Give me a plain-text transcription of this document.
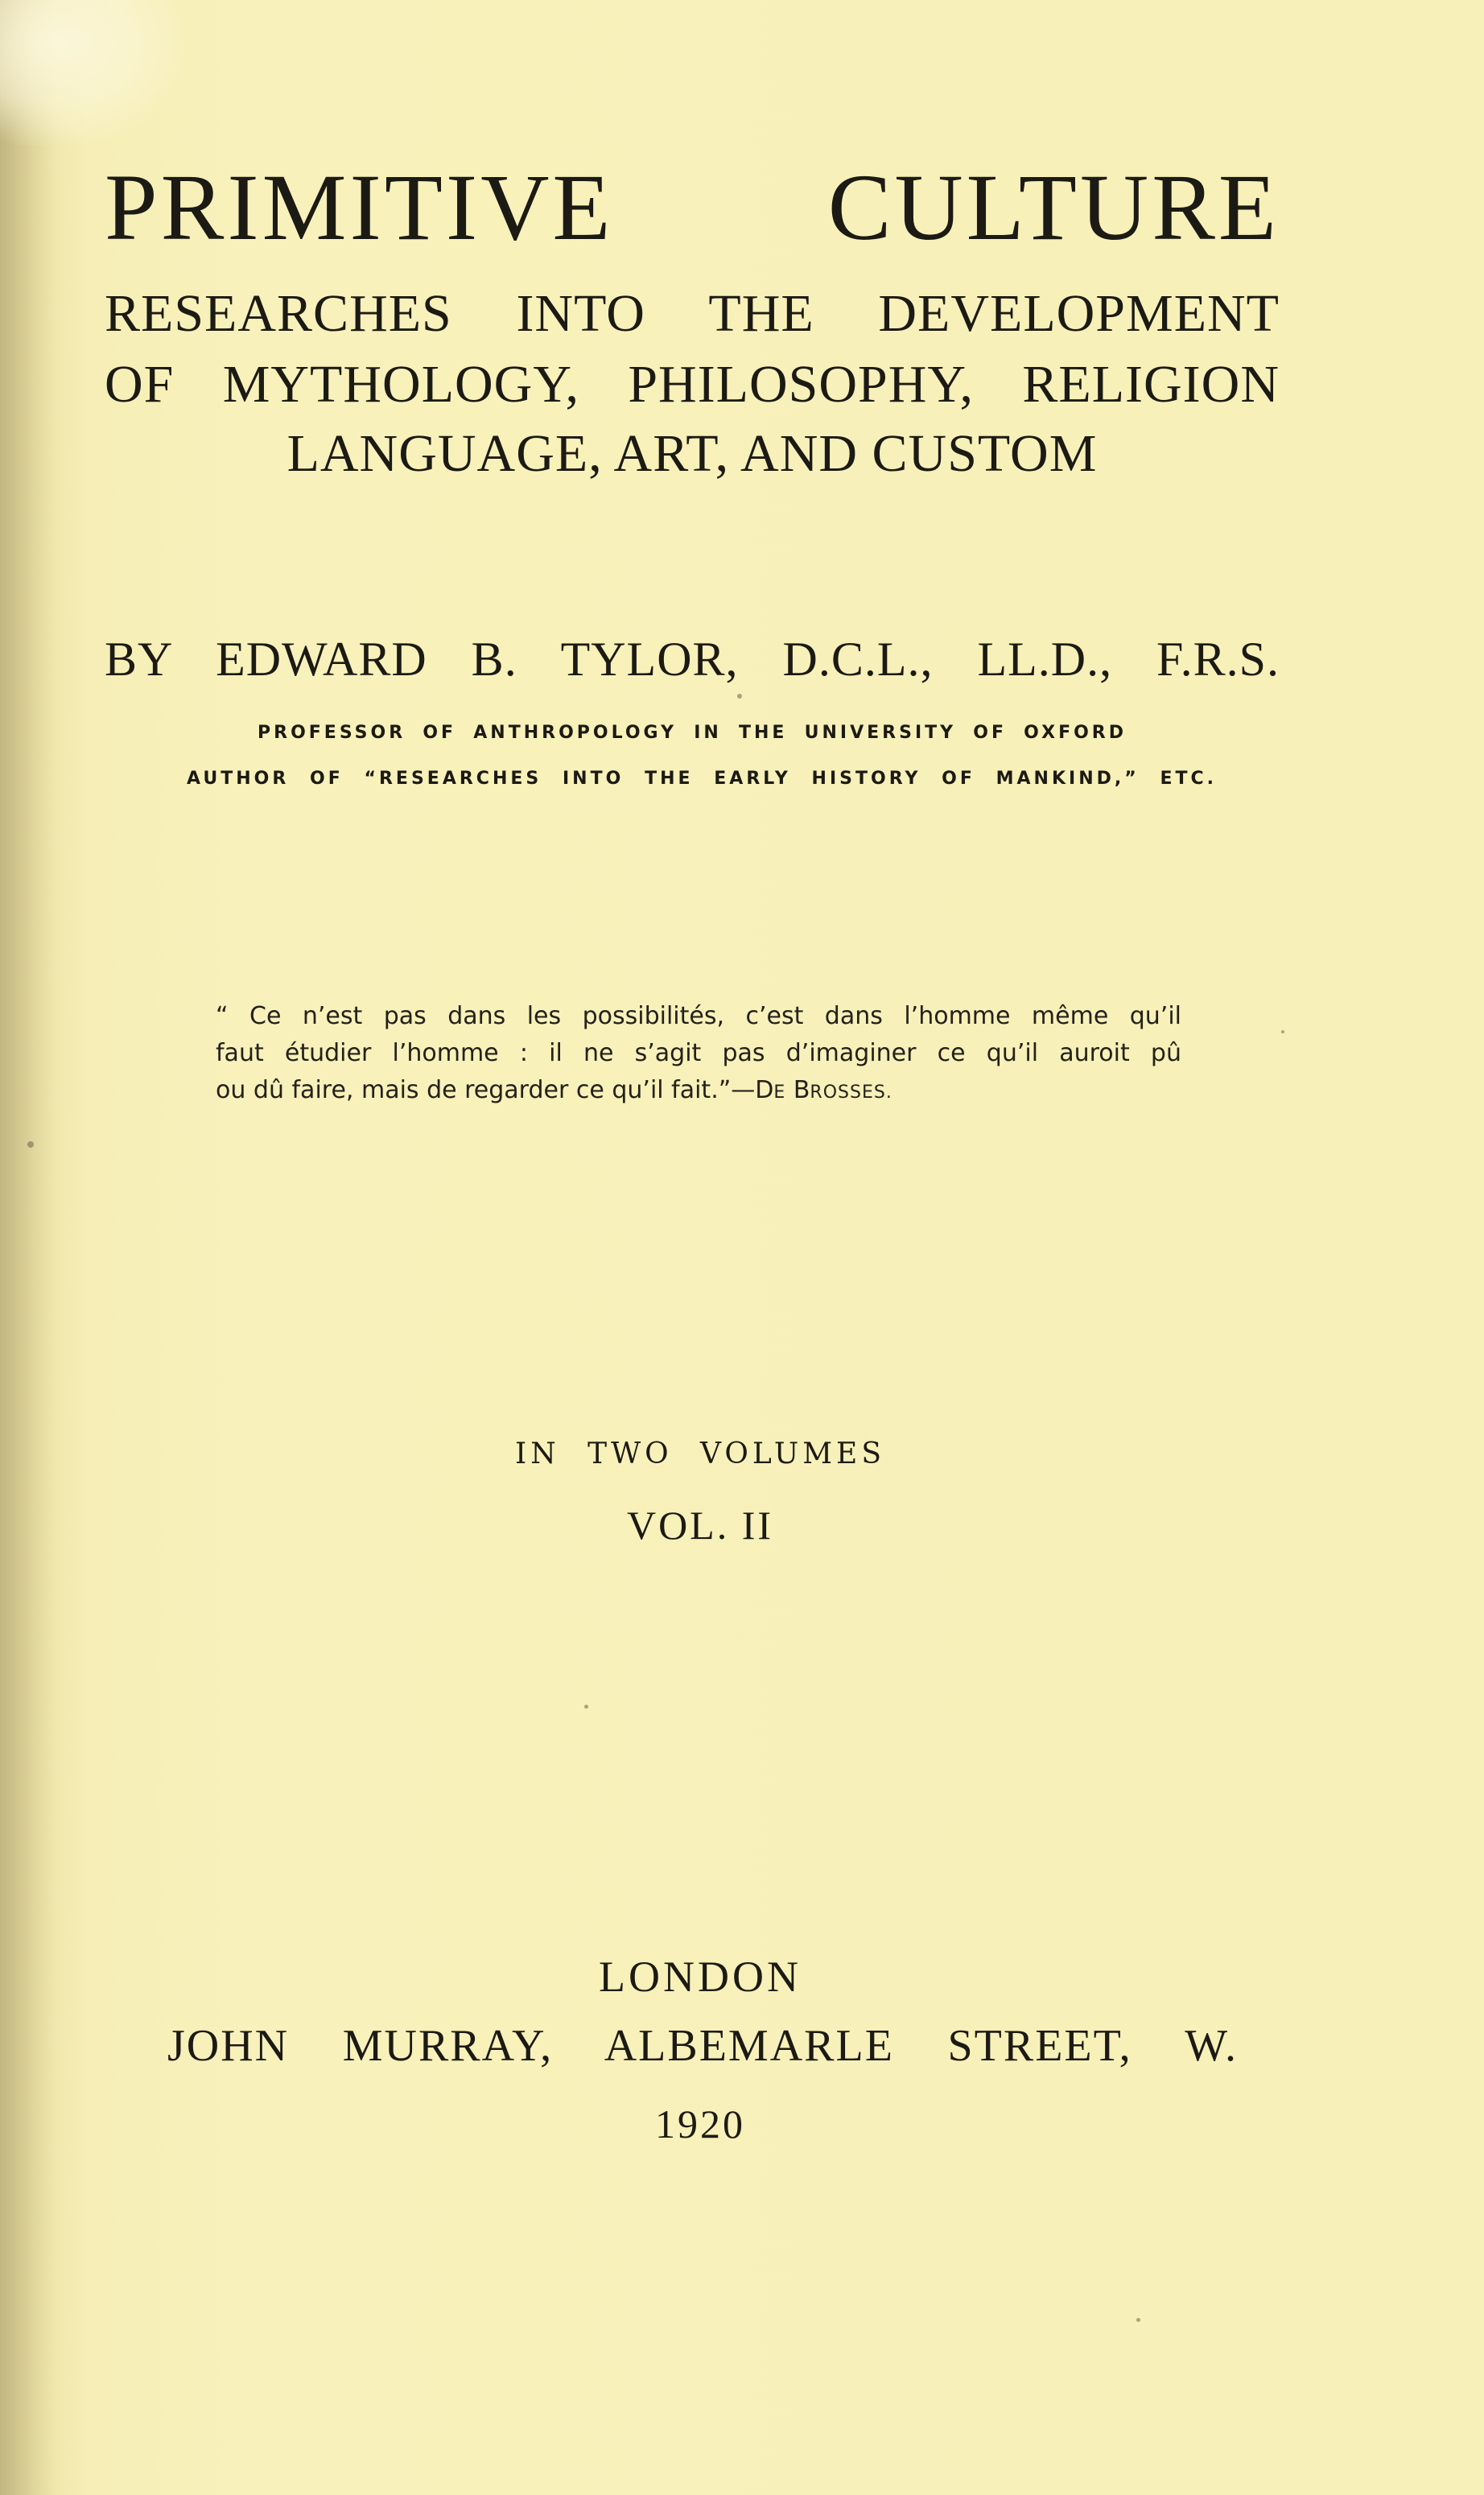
PRIMITIVE CULTURE
RESEARCHES INTO THE DEVELOPMENT
OF MYTHOLOGY, PHILOSOPHY, RELIGION
LANGUAGE, ART, AND CUSTOM
BY EDWARD B. TYLOR, D.C.L., LL.D., F.R.S.
PROFESSOR OF ANTHROPOLOGY IN THE UNIVERSITY OF OXFORD
AUTHOR OF “RESEARCHES INTO THE EARLY HISTORY OF MANKIND,” ETC.
“ Ce n’est pas dans les possibilités, c’est dans l’homme même qu’il
faut étudier l’homme : il ne s’agit pas d’imaginer ce qu’il auroit pû
ou dû faire, mais de regarder ce qu’il fait.”—DE BROSSES.
IN TWO VOLUMES
VOL. II
LONDON
JOHN MURRAY, ALBEMARLE STREET, W.
1920
